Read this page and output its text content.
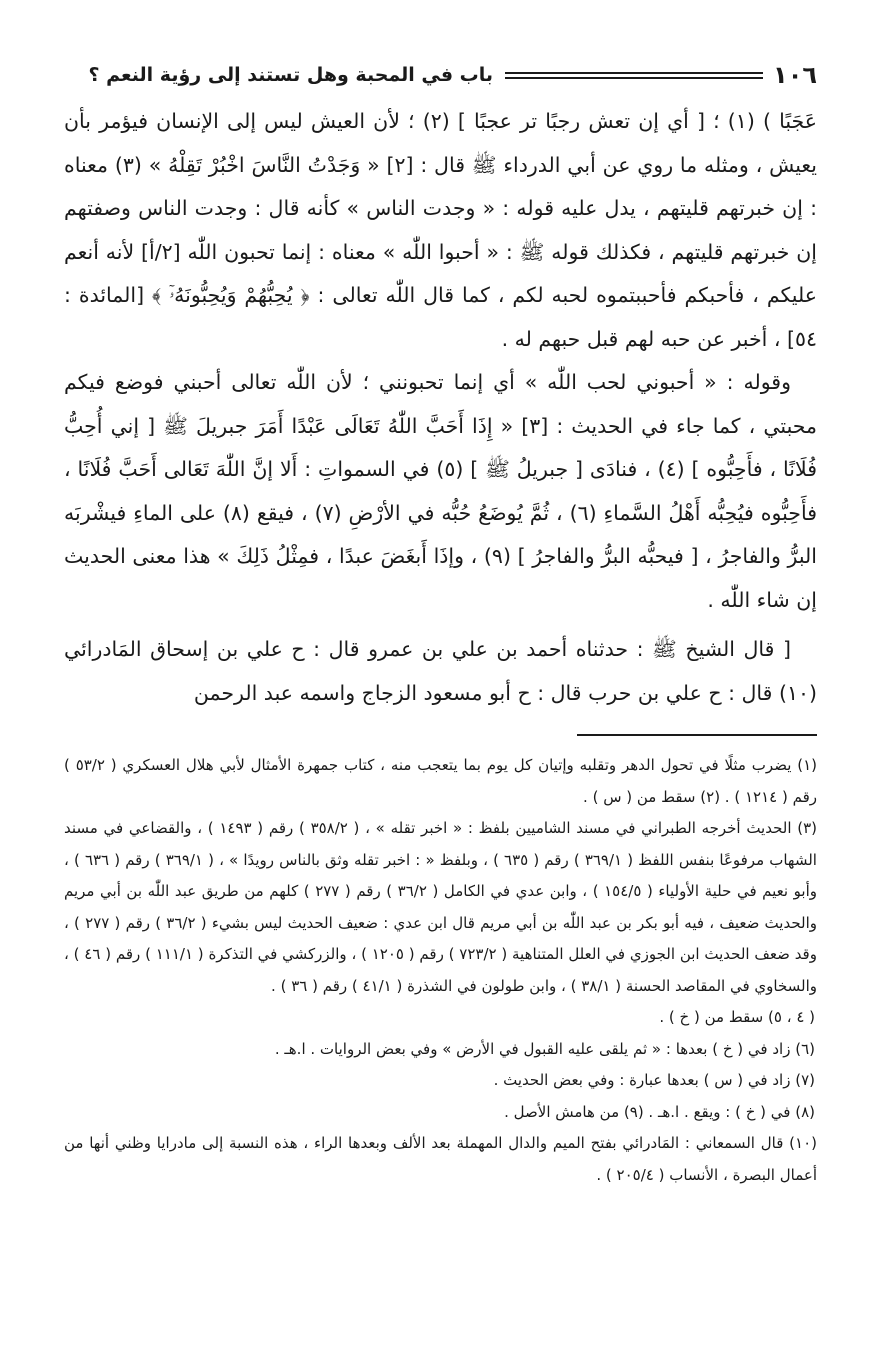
١٠٦
باب في المحبة وهل تستند إلى رؤية النعم ؟

عَجَبًا ) (١) ؛ [ أي إن تعش رجبًا تر عجبًا ] (٢) ؛ لأن العيش ليس إلى الإنسان فيؤمر بأن يعيش ، ومثله ما روي عن أبي الدرداء ﷺ قال : [٢] « وَجَدْتُ النَّاسَ اخْبُرْ تَقِلْهُ » (٣) معناه : إن خبرتهم قليتهم ، يدل عليه قوله : « وجدت الناس » كأنه قال : وجدت الناس وصفتهم إن خبرتهم قليتهم ، فكذلك قوله ﷺ : « أحبوا اللّٰه » معناه : إنما تحبون اللّٰه [٢/أ] لأنه أنعم عليكم ، فأحبكم فأحببتموه لحبه لكم ، كما قال اللّٰه تعالى : ﴿ يُحِبُّهُمْ وَيُحِبُّونَهُۥٓ ﴾ [المائدة : ٥٤] ، أخبر عن حبه لهم قبل حبهم له .

وقوله : « أحبوني لحب اللّٰه » أي إنما تحبونني ؛ لأن اللّٰه تعالى أحبني فوضع فيكم محبتي ، كما جاء في الحديث : [٣] « إِذَا أَحَبَّ اللّٰهُ تَعَالَى عَبْدًا أَمَرَ جبريلَ ﷺ [ إني أُحِبُّ فُلَانًا ، فأَحِبُّوه ] (٤) ، فنادَى [ جبريلُ ﷺ ] (٥) في السمواتِ : أَلا إنَّ اللّٰهَ تَعَالى أَحَبَّ فُلَانًا ، فأَحِبُّوه فيُحِبُّه أَهْلُ السَّماءِ (٦) ، ثُمَّ يُوضَعُ حُبُّه في الأرْضِ (٧) ، فيقع (٨) على الماءِ فيشْربَه البرُّ والفاجرُ ، [ فيحبُّه البرُّ والفاجرُ ] (٩) ، وإذَا أَبغَضَ عبدًا ، فمِثْلُ ذَلِكَ » هذا معنى الحديث إن شاء اللّٰه .

[ قال الشيخ ﷺ : حدثناه أحمد بن علي بن عمرو قال : ح علي بن إسحاق المَادرائي (١٠) قال : ح علي بن حرب قال : ح أبو مسعود الزجاج واسمه عبد الرحمن

(١) يضرب مثلًا في تحول الدهر وتقلبه وإتيان كل يوم بما يتعجب منه ، كتاب جمهرة الأمثال لأبي هلال العسكري ( ٥٣/٢ ) رقم ( ١٢١٤ ) . (٢) سقط من ( س ) .

(٣) الحديث أخرجه الطبراني في مسند الشاميين بلفظ : « اخبر تقله » ، ( ٣٥٨/٢ ) رقم ( ١٤٩٣ ) ، والقضاعي في مسند الشهاب مرفوعًا بنفس اللفظ ( ٣٦٩/١ ) رقم ( ٦٣٥ ) ، وبلفظ « : اخبر تقله وثق بالناس رويدًا » ، ( ٣٦٩/١ ) رقم ( ٦٣٦ ) ، وأبو نعيم في حلية الأولياء ( ١٥٤/٥ ) ، وابن عدي في الكامل ( ٣٦/٢ ) رقم ( ٢٧٧ ) كلهم من طريق عبد اللّٰه بن أبي مريم والحديث ضعيف ، فيه أبو بكر بن عبد اللّٰه بن أبي مريم قال ابن عدي : ضعيف الحديث ليس بشيء ( ٣٦/٢ ) رقم ( ٢٧٧ ) ، وقد ضعف الحديث ابن الجوزي في العلل المتناهية ( ٧٢٣/٢ ) رقم ( ١٢٠٥ ) ، والزركشي في التذكرة ( ١١١/١ ) رقم ( ٤٦ ) ، والسخاوي في المقاصد الحسنة ( ٣٨/١ ) ، وابن طولون في الشذرة ( ٤١/١ ) رقم ( ٣٦ ) .

( ٤ ، ٥) سقط من ( خ ) .

(٦) زاد في ( خ ) بعدها : « ثم يلقى عليه القبول في الأرض » وفي بعض الروايات . ا.هـ .

(٧) زاد في ( س ) بعدها عبارة : وفي بعض الحديث .

(٨) في ( خ ) : ويقع . ا.هـ . (٩) من هامش الأصل .

(١٠) قال السمعاني : المَادرائي بفتح الميم والدال المهملة بعد الألف وبعدها الراء ، هذه النسبة إلى مادرايا وظني أنها من أعمال البصرة ، الأنساب ( ٢٠٥/٤ ) .
